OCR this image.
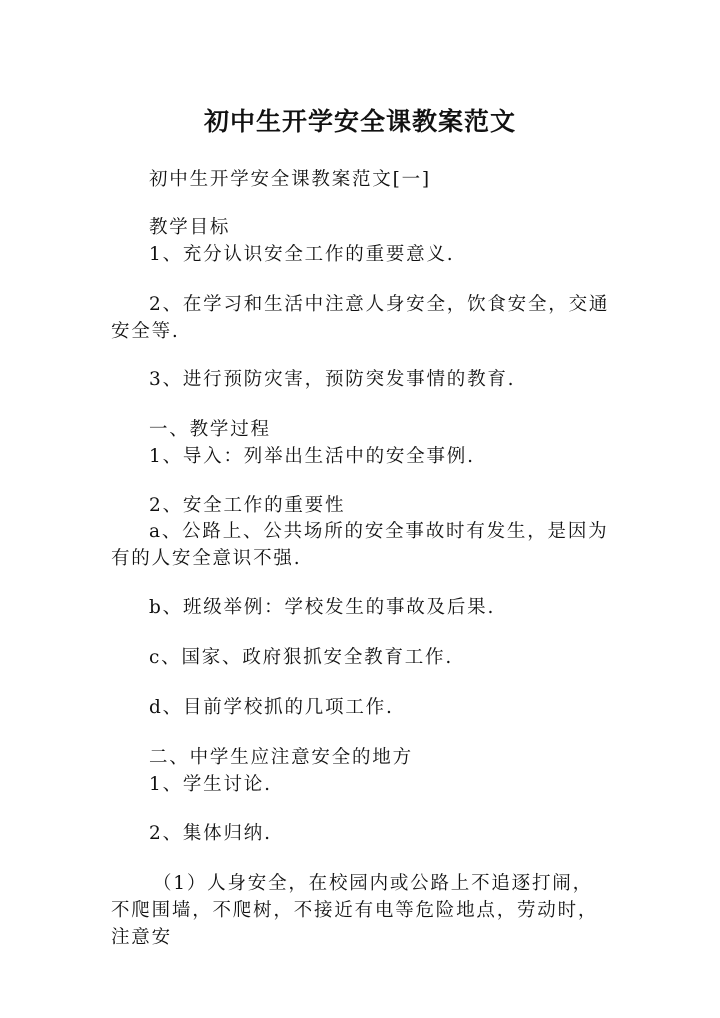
初中生开学安全课教案范文

初中生开学安全课教案范文[一]

教学目标

1、充分认识安全工作的重要意义.

2、在学习和生活中注意人身安全，饮食安全，交通安全等.

3、进行预防灾害，预防突发事情的教育.

一、教学过程

1、导入：列举出生活中的安全事例.

2、安全工作的重要性

a、公路上、公共场所的安全事故时有发生，是因为有的人安全意识不强.

b、班级举例：学校发生的事故及后果.

c、国家、政府狠抓安全教育工作.

d、目前学校抓的几项工作.

二、中学生应注意安全的地方

1、学生讨论.

2、集体归纳.

（1）人身安全，在校园内或公路上不追逐打闹，不爬围墙，不爬树，不接近有电等危险地点，劳动时，注意安
